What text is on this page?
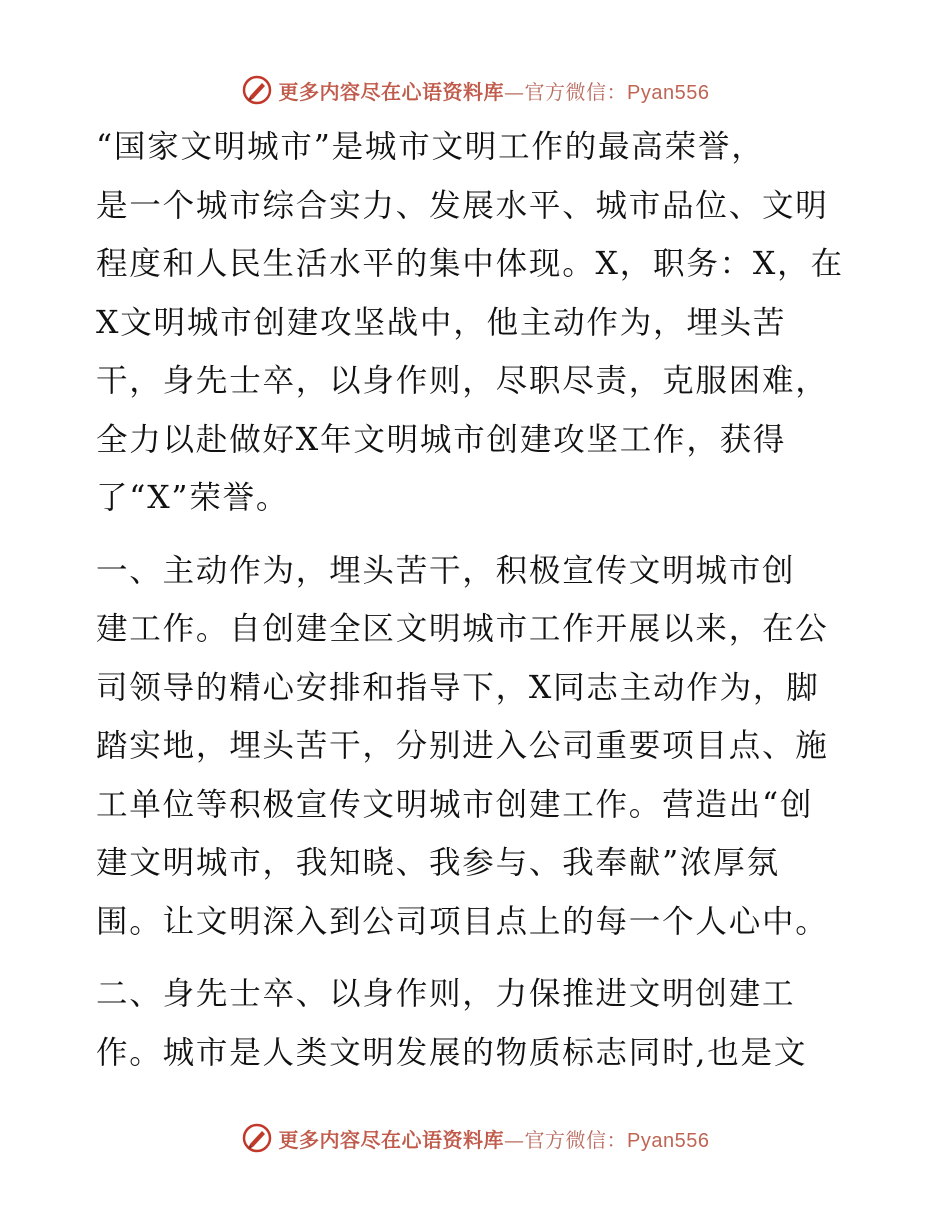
更多内容尽在心语资料库—官方微信：Pyan556

“国家文明城市”是城市文明工作的最高荣誉，
是一个城市综合实力、发展水平、城市品位、文明
程度和人民生活水平的集中体现。X，职务：X，在
X文明城市创建攻坚战中，他主动作为，埋头苦
干，身先士卒，以身作则，尽职尽责，克服困难，
全力以赴做好X年文明城市创建攻坚工作，获得
了“X”荣誉。

一、主动作为，埋头苦干，积极宣传文明城市创
建工作。自创建全区文明城市工作开展以来，在公
司领导的精心安排和指导下，X同志主动作为，脚
踏实地，埋头苦干，分别进入公司重要项目点、施
工单位等积极宣传文明城市创建工作。营造出“创
建文明城市，我知晓、我参与、我奉献”浓厚氛
围。让文明深入到公司项目点上的每一个人心中。

二、身先士卒、以身作则，力保推进文明创建工
作。城市是人类文明发展的物质标志同时,也是文

更多内容尽在心语资料库—官方微信：Pyan556
